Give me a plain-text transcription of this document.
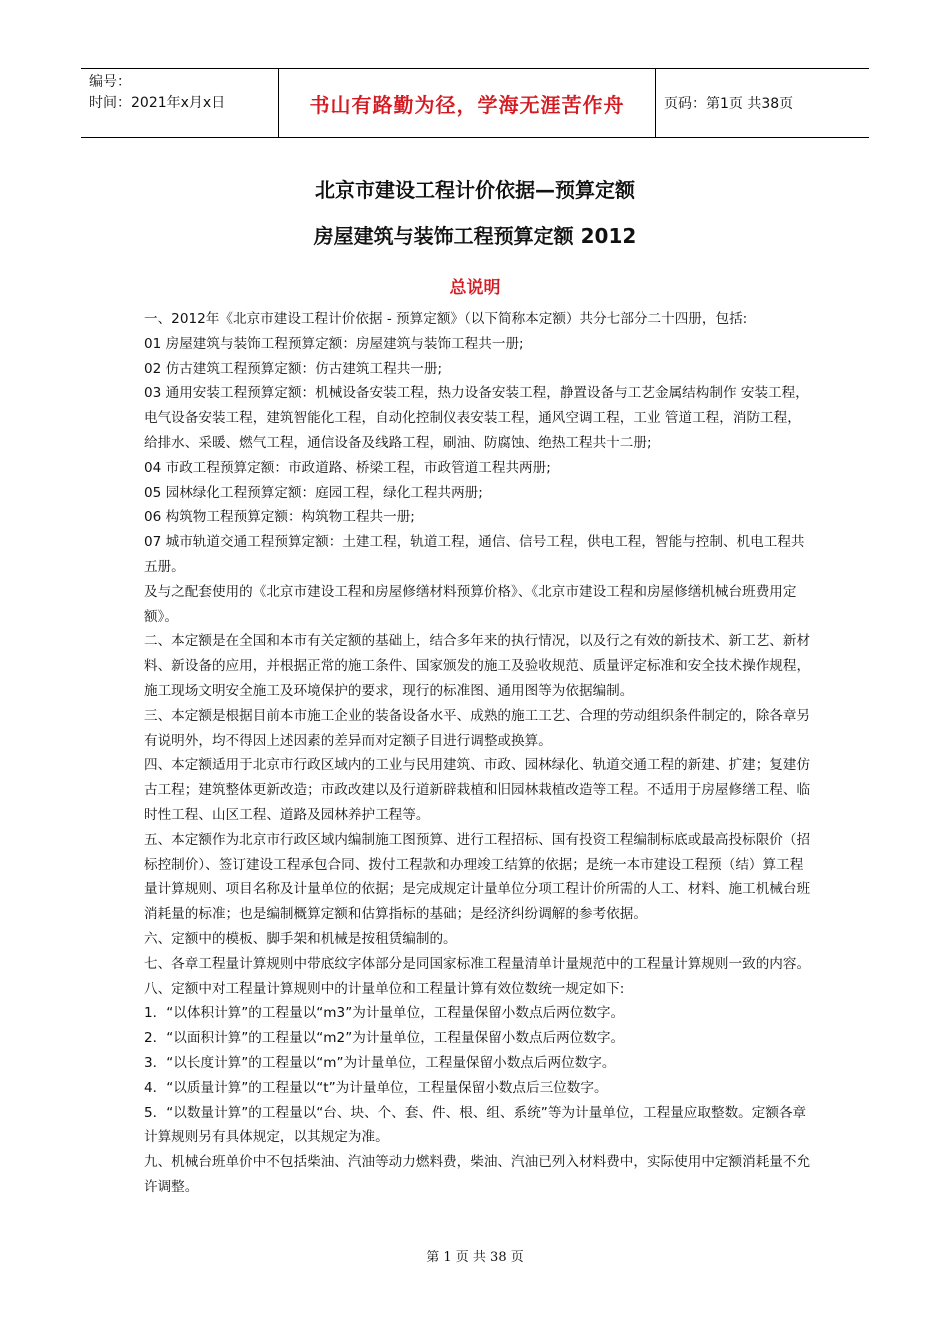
编号：
时间：2021年x月x日	书山有路勤为径，学海无涯苦作舟	页码：第1页 共38页
北京市建设工程计价依据—预算定额
房屋建筑与装饰工程预算定额 2012
总说明

一、2012年《北京市建设工程计价依据 - 预算定额》（以下简称本定额）共分七部分二十四册，包括:

01 房屋建筑与装饰工程预算定额：房屋建筑与装饰工程共一册;

02 仿古建筑工程预算定额：仿古建筑工程共一册;

03 通用安装工程预算定额：机械设备安装工程，热力设备安装工程，静置设备与工艺金属结构制作 安装工程，电气设备安装工程，建筑智能化工程，自动化控制仪表安装工程，通风空调工程，工业 管道工程，消防工程，给排水、采暖、燃气工程，通信设备及线路工程，刷油、防腐蚀、绝热工程共十二册;

04 市政工程预算定额：市政道路、桥梁工程，市政管道工程共两册;

05 园林绿化工程预算定额：庭园工程，绿化工程共两册;

06 构筑物工程预算定额：构筑物工程共一册;

07 城市轨道交通工程预算定额：土建工程，轨道工程，通信、信号工程，供电工程，智能与控制、机电工程共五册。

及与之配套使用的《北京市建设工程和房屋修缮材料预算价格》、《北京市建设工程和房屋修缮机械台班费用定额》。

二、本定额是在全国和本市有关定额的基础上，结合多年来的执行情况，以及行之有效的新技术、新工艺、新材料、新设备的应用，并根据正常的施工条件、国家颁发的施工及验收规范、质量评定标准和安全技术操作规程，施工现场文明安全施工及环境保护的要求，现行的标准图、通用图等为依据编制。

三、本定额是根据目前本市施工企业的装备设备水平、成熟的施工工艺、合理的劳动组织条件制定的，除各章另有说明外，均不得因上述因素的差异而对定额子目进行调整或换算。

四、本定额适用于北京市行政区域内的工业与民用建筑、市政、园林绿化、轨道交通工程的新建、扩建；复建仿古工程；建筑整体更新改造；市政改建以及行道新辟栽植和旧园林栽植改造等工程。不适用于房屋修缮工程、临时性工程、山区工程、道路及园林养护工程等。

五、本定额作为北京市行政区域内编制施工图预算、进行工程招标、国有投资工程编制标底或最高投标限价（招标控制价）、签订建设工程承包合同、拨付工程款和办理竣工结算的依据；是统一本市建设工程预（结）算工程量计算规则、项目名称及计量单位的依据；是完成规定计量单位分项工程计价所需的人工、材料、施工机械台班消耗量的标准；也是编制概算定额和估算指标的基础；是经济纠纷调解的参考依据。

六、定额中的模板、脚手架和机械是按租赁编制的。

七、各章工程量计算规则中带底纹字体部分是同国家标准工程量清单计量规范中的工程量计算规则一致的内容。

八、定额中对工程量计算规则中的计量单位和工程量计算有效位数统一规定如下:

1．“以体积计算”的工程量以“m3”为计量单位，工程量保留小数点后两位数字。

2．“以面积计算”的工程量以“m2”为计量单位，工程量保留小数点后两位数字。

3．“以长度计算”的工程量以“m”为计量单位，工程量保留小数点后两位数字。

4．“以质量计算”的工程量以“t”为计量单位，工程量保留小数点后三位数字。

5．“以数量计算”的工程量以“台、块、个、套、件、根、组、系统”等为计量单位，工程量应取整数。定额各章计算规则另有具体规定，以其规定为准。

九、机械台班单价中不包括柴油、汽油等动力燃料费，柴油、汽油已列入材料费中，实际使用中定额消耗量不允许调整。

第 1 页 共 38 页
